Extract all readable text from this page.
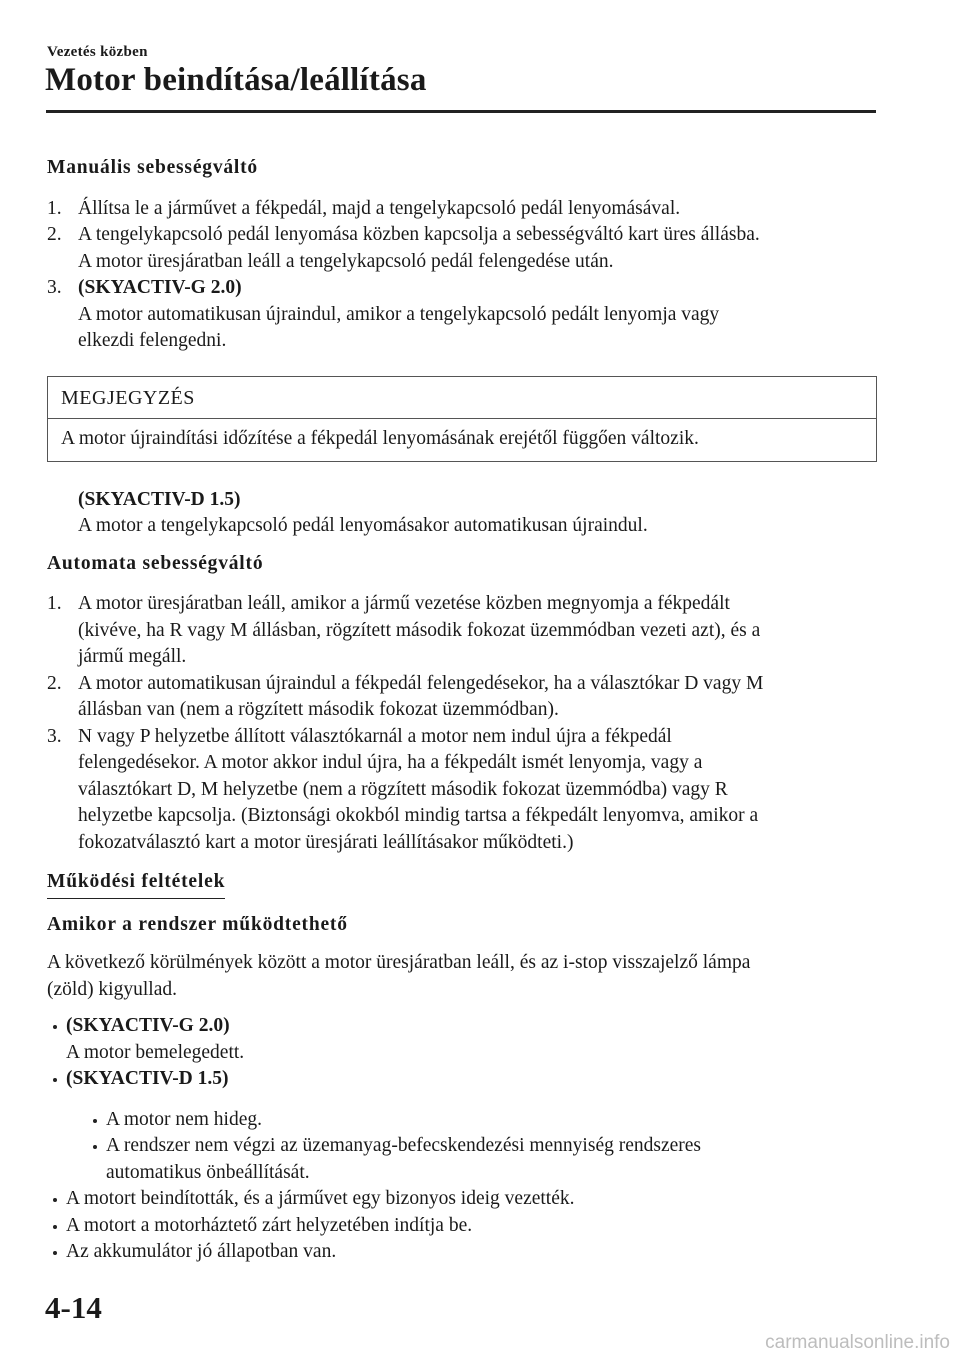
Vezetés közben
Motor beindítása/leállítása

Manuális sebességváltó

1. Állítsa le a járművet a fékpedál, majd a tengelykapcsoló pedál lenyomásával.

2. A tengelykapcsoló pedál lenyomása közben kapcsolja a sebességváltó kart üres állásba.

A motor üresjáratban leáll a tengelykapcsoló pedál felengedése után.

3. (SKYACTIV-G 2.0)

A motor automatikusan újraindul, amikor a tengelykapcsoló pedált lenyomja vagy

elkezdi felengedni.

MEGJEGYZÉS
A motor újraindítási időzítése a fékpedál lenyomásának erejétől függően változik.

(SKYACTIV-D 1.5)

A motor a tengelykapcsoló pedál lenyomásakor automatikusan újraindul.

Automata sebességváltó

1. A motor üresjáratban leáll, amikor a jármű vezetése közben megnyomja a fékpedált

(kivéve, ha R vagy M állásban, rögzített második fokozat üzemmódban vezeti azt), és a

jármű megáll.

2. A motor automatikusan újraindul a fékpedál felengedésekor, ha a választókar D vagy M

állásban van (nem a rögzített második fokozat üzemmódban).

3. N vagy P helyzetbe állított választókarnál a motor nem indul újra a fékpedál

felengedésekor. A motor akkor indul újra, ha a fékpedált ismét lenyomja, vagy a

választókart D, M helyzetbe (nem a rögzített második fokozat üzemmódba) vagy R

helyzetbe kapcsolja. (Biztonsági okokból mindig tartsa a fékpedált lenyomva, amikor a

fokozatválasztó kart a motor üresjárati leállításakor működteti.)

Működési feltételek

Amikor a rendszer működtethető

A következő körülmények között a motor üresjáratban leáll, és az i-stop visszajelző lámpa

(zöld) kigyullad.

(SKYACTIV-G 2.0)

A motor bemelegedett.

(SKYACTIV-D 1.5)

A motor nem hideg.

A rendszer nem végzi az üzemanyag-befecskendezési mennyiség rendszeres

automatikus önbeállítását.

A motort beindították, és a járművet egy bizonyos ideig vezették.

A motort a motorháztető zárt helyzetében indítja be.

Az akkumulátor jó állapotban van.

4-14
carmanualsonline.info
